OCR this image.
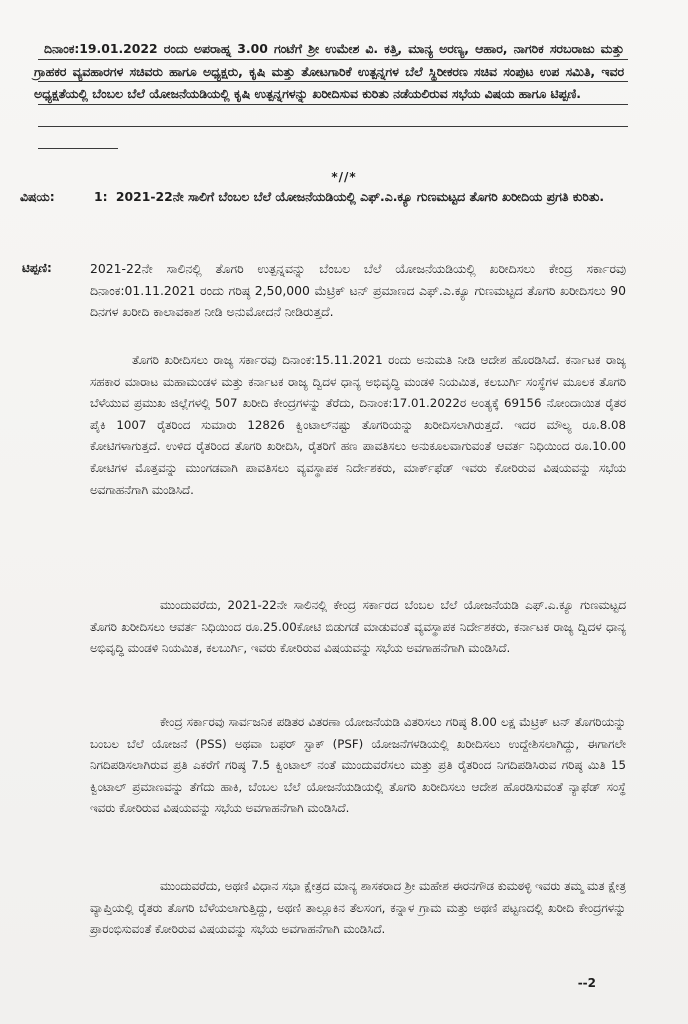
ದಿನಾಂಕ:19.01.2022 ರಂದು ಅಪರಾಹ್ನ 3.00 ಗಂಟೆಗೆ ಶ್ರೀ ಉಮೇಶ ವಿ. ಕತ್ತಿ, ಮಾನ್ಯ ಅರಣ್ಯ, ಆಹಾರ, ನಾಗರಿಕ ಸರಬರಾಜು ಮತ್ತು ಗ್ರಾಹಕರ ವ್ಯವಹಾರಗಳ ಸಚಿವರು ಹಾಗೂ ಅಧ್ಯಕ್ಷರು, ಕೃಷಿ ಮತ್ತು ತೋಟಗಾರಿಕೆ ಉತ್ಪನ್ನಗಳ ಬೆಲೆ ಸ್ಥಿರೀಕರಣ ಸಚಿವ ಸಂಪುಟ ಉಪ ಸಮಿತಿ, ಇವರ ಅಧ್ಯಕ್ಷತೆಯಲ್ಲಿ ಬೆಂಬಲ ಬೆಲೆ ಯೋಜನೆಯಡಿಯಲ್ಲಿ ಕೃಷಿ ಉತ್ಪನ್ನಗಳನ್ನು ಖರೀದಿಸುವ ಕುರಿತು ನಡೆಯಲಿರುವ ಸಭೆಯ ವಿಷಯ ಹಾಗೂ ಟಿಪ್ಪಣಿ.
*//*
ವಿಷಯ:	1: 2021-22ನೇ ಸಾಲಿಗೆ ಬೆಂಬಲ ಬೆಲೆ ಯೋಜನೆಯಡಿಯಲ್ಲಿ ಎಫ್.ಎ.ಕ್ಯೂ ಗುಣಮಟ್ಟದ ತೊಗರಿ ಖರೀದಿಯ ಪ್ರಗತಿ ಕುರಿತು.
ಟಿಪ್ಪಣಿ:	2021-22ನೇ ಸಾಲಿನಲ್ಲಿ ತೊಗರಿ ಉತ್ಪನ್ನವನ್ನು ಬೆಂಬಲ ಬೆಲೆ ಯೋಜನೆಯಡಿಯಲ್ಲಿ ಖರೀದಿಸಲು ಕೇಂದ್ರ ಸರ್ಕಾರವು ದಿನಾಂಕ:01.11.2021 ರಂದು ಗರಿಷ್ಠ 2,50,000 ಮೆಟ್ರಿಕ್ ಟನ್ ಪ್ರಮಾಣದ ಎಫ್.ಎ.ಕ್ಯೂ ಗುಣಮಟ್ಟದ ತೊಗರಿ ಖರೀದಿಸಲು 90 ದಿನಗಳ ಖರೀದಿ ಕಾಲಾವಕಾಶ ನೀಡಿ ಅನುಮೋದನೆ ನೀಡಿರುತ್ತದೆ.
ತೊಗರಿ ಖರೀದಿಸಲು ರಾಜ್ಯ ಸರ್ಕಾರವು ದಿನಾಂಕ:15.11.2021 ರಂದು ಅನುಮತಿ ನೀಡಿ ಆದೇಶ ಹೊರಡಿಸಿದೆ. ಕರ್ನಾಟಕ ರಾಜ್ಯ ಸಹಕಾರ ಮಾರಾಟ ಮಹಾಮಂಡಳ ಮತ್ತು ಕರ್ನಾಟಕ ರಾಜ್ಯ ದ್ವಿದಳ ಧಾನ್ಯ ಅಭಿವೃದ್ಧಿ ಮಂಡಳಿ ನಿಯಮಿತ, ಕಲಬುರ್ಗಿ ಸಂಸ್ಥೆಗಳ ಮೂಲಕ ತೊಗರಿ ಬೆಳೆಯುವ ಪ್ರಮುಖ ಜಿಲ್ಲೆಗಳಲ್ಲಿ 507 ಖರೀದಿ ಕೇಂದ್ರಗಳನ್ನು ತೆರೆದು, ದಿನಾಂಕ:17.01.2022ರ ಅಂತ್ಯಕ್ಕೆ 69156 ನೋಂದಾಯಿತ ರೈತರ ಪೈಕಿ 1007 ರೈತರಿಂದ ಸುಮಾರು 12826 ಕ್ವಿಂಟಾಲ್‌ನಷ್ಟು ತೊಗರಿಯನ್ನು ಖರೀದಿಸಲಾಗಿರುತ್ತದೆ. ಇದರ ಮೌಲ್ಯ ರೂ.8.08 ಕೋಟಿಗಳಾಗುತ್ತದೆ. ಉಳಿದ ರೈತರಿಂದ ತೊಗರಿ ಖರೀದಿಸಿ, ರೈತರಿಗೆ ಹಣ ಪಾವತಿಸಲು ಅನುಕೂಲವಾಗುವಂತೆ ಆವರ್ತ ನಿಧಿಯಿಂದ ರೂ.10.00 ಕೋಟಿಗಳ ಮೊತ್ತವನ್ನು ಮುಂಗಡವಾಗಿ ಪಾವತಿಸಲು ವ್ಯವಸ್ಥಾಪಕ ನಿರ್ದೇಶಕರು, ಮಾರ್ಕ್‌ಫೆಡ್ ಇವರು ಕೋರಿರುವ ವಿಷಯವನ್ನು ಸಭೆಯ ಅವಗಾಹನೆಗಾಗಿ ಮಂಡಿಸಿದೆ.
ಮುಂದುವರೆದು, 2021-22ನೇ ಸಾಲಿನಲ್ಲಿ ಕೇಂದ್ರ ಸರ್ಕಾರದ ಬೆಂಬಲ ಬೆಲೆ ಯೋಜನೆಯಡಿ ಎಫ್.ಎ.ಕ್ಯೂ ಗುಣಮಟ್ಟದ ತೊಗರಿ ಖರೀದಿಸಲು ಆವರ್ತ ನಿಧಿಯಿಂದ ರೂ.25.00ಕೋಟಿ ಬಿಡುಗಡೆ ಮಾಡುವಂತೆ ವ್ಯವಸ್ಥಾಪಕ ನಿರ್ದೇಶಕರು, ಕರ್ನಾಟಕ ರಾಜ್ಯ ದ್ವಿದಳ ಧಾನ್ಯ ಅಭಿವೃದ್ಧಿ ಮಂಡಳಿ ನಿಯಮಿತ, ಕಲಬುರ್ಗಿ, ಇವರು ಕೋರಿರುವ ವಿಷಯವನ್ನು ಸಭೆಯ ಅವಗಾಹನೆಗಾಗಿ ಮಂಡಿಸಿದೆ.
ಕೇಂದ್ರ ಸರ್ಕಾರವು ಸಾರ್ವಜನಿಕ ಪಡಿತರ ವಿತರಣಾ ಯೋಜನೆಯಡಿ ವಿತರಿಸಲು ಗರಿಷ್ಠ 8.00 ಲಕ್ಷ ಮೆಟ್ರಿಕ್ ಟನ್ ತೊಗರಿಯನ್ನು ಬಂಬಲ ಬೆಲೆ ಯೋಜನೆ (PSS) ಅಥವಾ ಬಫರ್ ಸ್ಟಾಕ್ (PSF) ಯೋಜನೆಗಳಡಿಯಲ್ಲಿ ಖರೀದಿಸಲು ಉದ್ದೇಶಿಸಲಾಗಿದ್ದು, ಈಗಾಗಲೇ ನಿಗದಿಪಡಿಸಲಾಗಿರುವ ಪ್ರತಿ ಎಕರೆಗೆ ಗರಿಷ್ಠ 7.5 ಕ್ವಿಂಟಾಲ್ ನಂತೆ ಮುಂದುವರೆಸಲು ಮತ್ತು ಪ್ರತಿ ರೈತರಿಂದ ನಿಗದಿಪಡಿಸಿರುವ ಗರಿಷ್ಠ ಮಿತಿ 15 ಕ್ವಿಂಟಾಲ್ ಪ್ರಮಾಣವನ್ನು ತೆಗೆದು ಹಾಕಿ, ಬೆಂಬಲ ಬೆಲೆ ಯೋಜನೆಯಡಿಯಲ್ಲಿ ತೊಗರಿ ಖರೀದಿಸಲು ಆದೇಶ ಹೊರಡಿಸುವಂತೆ ನ್ಯಾಫೆಡ್ ಸಂಸ್ಥೆ ಇವರು ಕೋರಿರುವ ವಿಷಯವನ್ನು ಸಭೆಯ ಅವಗಾಹನೆಗಾಗಿ ಮಂಡಿಸಿದೆ.
ಮುಂದುವರೆದು, ಅಥಣಿ ವಿಧಾನ ಸಭಾ ಕ್ಷೇತ್ರದ ಮಾನ್ಯ ಶಾಸಕರಾದ ಶ್ರೀ ಮಹೇಶ ಈರನಗೌಡ ಕುಮಠಳ್ಳಿ ಇವರು ತಮ್ಮ ಮತ ಕ್ಷೇತ್ರ ವ್ಯಾಪ್ತಿಯಲ್ಲಿ ರೈತರು ತೊಗರಿ ಬೆಳೆಯಲಾಗುತ್ತಿದ್ದು, ಅಥಣಿ ತಾಲ್ಲೂಕಿನ ತೆಲಸಂಗ, ಕನ್ನಾಳ ಗ್ರಾಮ ಮತ್ತು ಅಥಣಿ ಪಟ್ಟಣದಲ್ಲಿ ಖರೀದಿ ಕೇಂದ್ರಗಳನ್ನು ಪ್ರಾರಂಭಿಸುವಂತೆ ಕೋರಿರುವ ವಿಷಯವನ್ನು ಸಭೆಯ ಅವಗಾಹನೆಗಾಗಿ ಮಂಡಿಸಿದೆ.
--2
